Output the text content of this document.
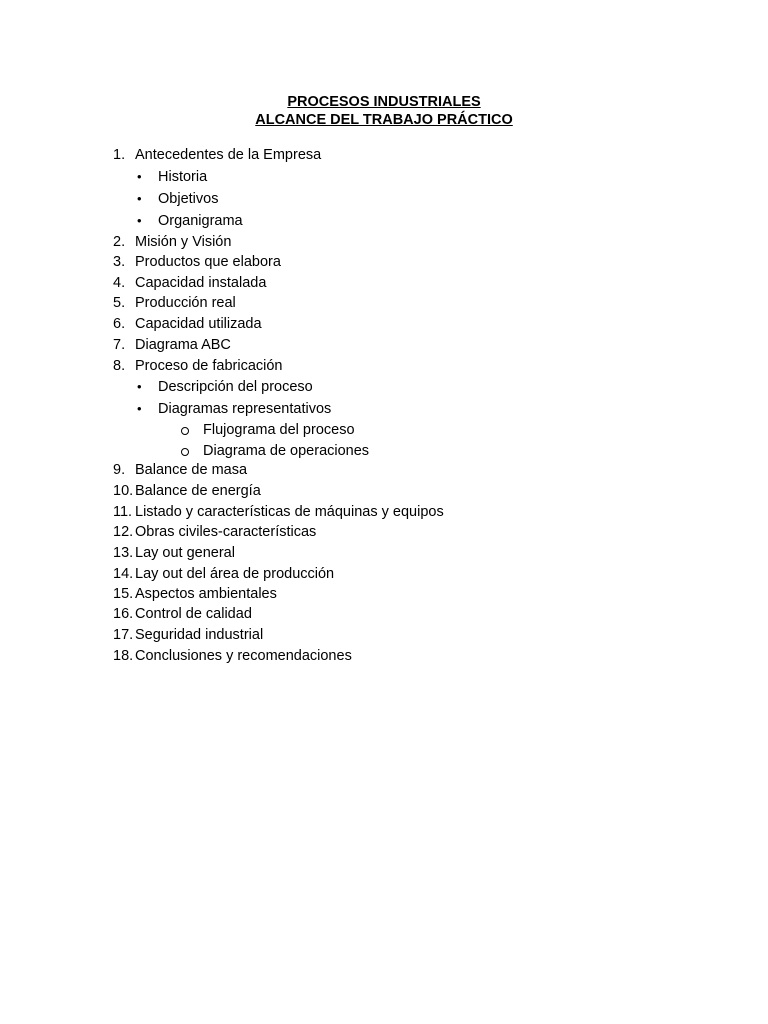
PROCESOS INDUSTRIALES
ALCANCE DEL TRABAJO PRÁCTICO
1. Antecedentes de la Empresa
• Historia
• Objetivos
• Organigrama
2. Misión y Visión
3. Productos que elabora
4. Capacidad instalada
5. Producción real
6. Capacidad utilizada
7. Diagrama ABC
8. Proceso de fabricación
• Descripción del proceso
• Diagramas representativos
Flujograma del proceso
Diagrama de operaciones
9. Balance de masa
10. Balance de energía
11. Listado y características de máquinas y equipos
12. Obras civiles-características
13. Lay out general
14. Lay out del área de producción
15. Aspectos ambientales
16. Control de calidad
17. Seguridad industrial
18. Conclusiones y recomendaciones
